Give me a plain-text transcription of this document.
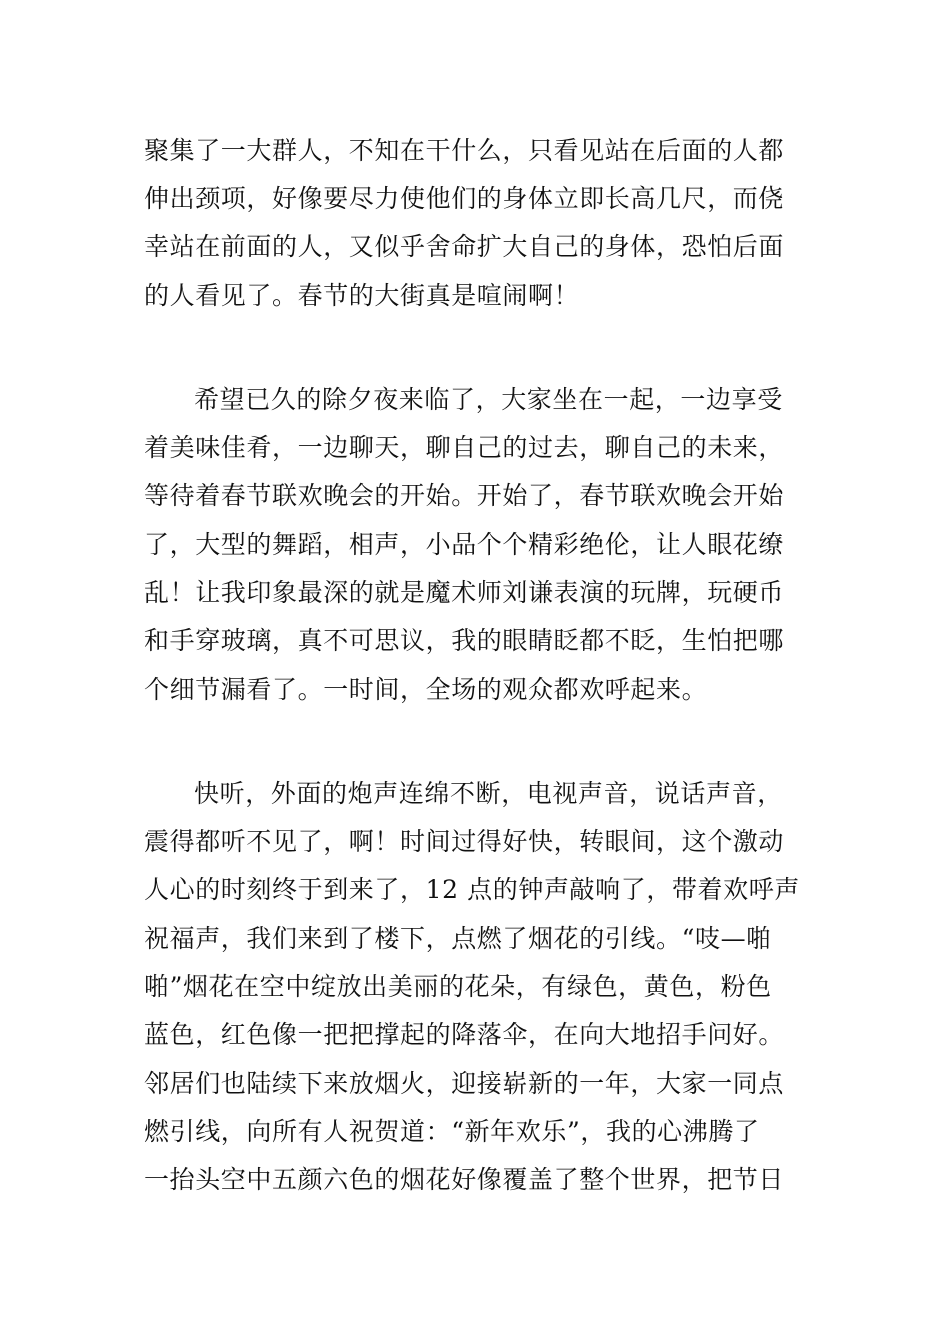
聚集了一大群人，不知在干什么，只看见站在后面的人都
伸出颈项，好像要尽力使他们的身体立即长高几尺，而侥
幸站在前面的人，又似乎舍命扩大自己的身体，恐怕后面
的人看见了。春节的大街真是喧闹啊！
希望已久的除夕夜来临了，大家坐在一起，一边享受
着美味佳肴，一边聊天，聊自己的过去，聊自己的未来，
等待着春节联欢晚会的开始。开始了，春节联欢晚会开始
了，大型的舞蹈，相声，小品个个精彩绝伦，让人眼花缭
乱！让我印象最深的就是魔术师刘谦表演的玩牌，玩硬币
和手穿玻璃，真不可思议，我的眼睛眨都不眨，生怕把哪
个细节漏看了。一时间，全场的观众都欢呼起来。
快听，外面的炮声连绵不断，电视声音，说话声音，
震得都听不见了，啊！时间过得好快，转眼间，这个激动
人心的时刻终于到来了，12 点的钟声敲响了，带着欢呼声
祝福声，我们来到了楼下，点燃了烟花的引线。“吱—啪
啪”烟花在空中绽放出美丽的花朵，有绿色，黄色，粉色
蓝色，红色像一把把撑起的降落伞，在向大地招手问好。
邻居们也陆续下来放烟火，迎接崭新的一年，大家一同点
燃引线，向所有人祝贺道：“新年欢乐”，我的心沸腾了
一抬头空中五颜六色的烟花好像覆盖了整个世界，把节日
